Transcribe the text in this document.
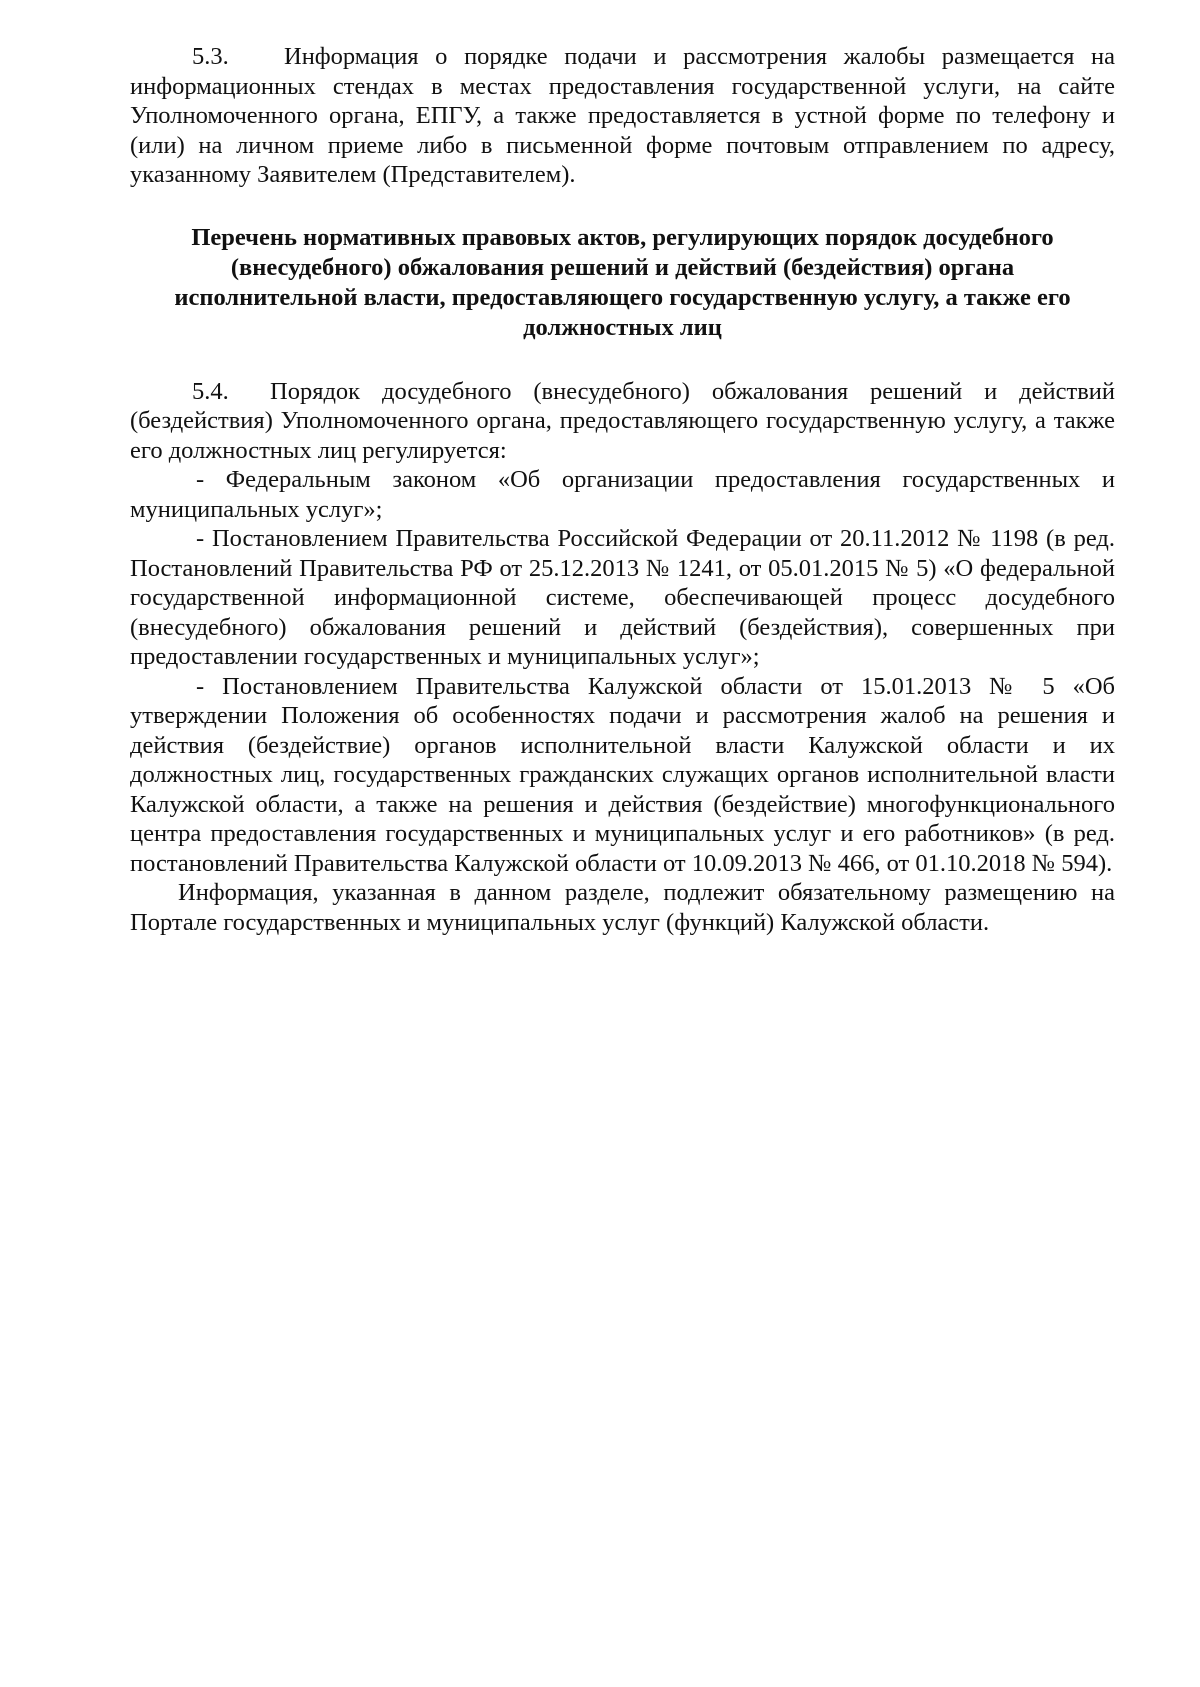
5.3. Информация о порядке подачи и рассмотрения жалобы размещается на информационных стендах в местах предоставления государственной услуги, на сайте Уполномоченного органа, ЕПГУ, а также предоставляется в устной форме по телефону и (или) на личном приеме либо в письменной форме почтовым отправлением по адресу, указанному Заявителем (Представителем).

Перечень нормативных правовых актов, регулирующих порядок досудебного (внесудебного) обжалования решений и действий (бездействия) органа исполнительной власти, предоставляющего государственную услугу, а также его должностных лиц

5.4. Порядок досудебного (внесудебного) обжалования решений и действий (бездействия) Уполномоченного органа, предоставляющего государственную услугу, а также его должностных лиц регулируется:

- Федеральным законом «Об организации предоставления государственных и муниципальных услуг»;

- Постановлением Правительства Российской Федерации от 20.11.2012 № 1198 (в ред. Постановлений Правительства РФ от 25.12.2013 № 1241, от 05.01.2015 № 5) «О федеральной государственной информационной системе, обеспечивающей процесс досудебного (внесудебного) обжалования решений и действий (бездействия), совершенных при предоставлении государственных и муниципальных услуг»;

- Постановлением Правительства Калужской области от 15.01.2013 № 5 «Об утверждении Положения об особенностях подачи и рассмотрения жалоб на решения и действия (бездействие) органов исполнительной власти Калужской области и их должностных лиц, государственных гражданских служащих органов исполнительной власти Калужской области, а также на решения и действия (бездействие) многофункционального центра предоставления государственных и муниципальных услуг и его работников» (в ред. постановлений Правительства Калужской области от 10.09.2013 № 466, от 01.10.2018 № 594).

Информация, указанная в данном разделе, подлежит обязательному размещению на Портале государственных и муниципальных услуг (функций) Калужской области.
